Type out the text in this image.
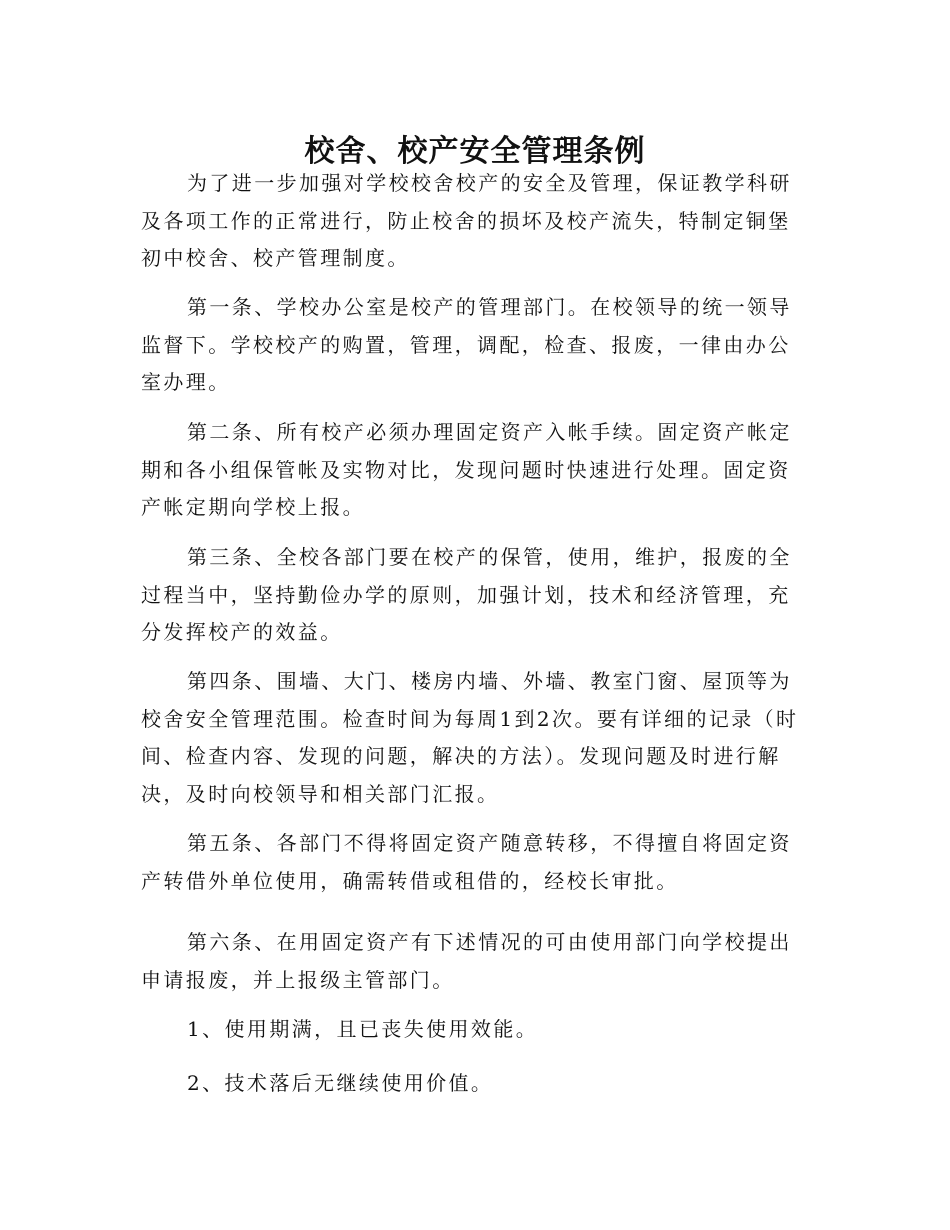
校舍、校产安全管理条例

为了进一步加强对学校校舍校产的安全及管理，保证教学科研及各项工作的正常进行，防止校舍的损坏及校产流失，特制定铜堡初中校舍、校产管理制度。

第一条、学校办公室是校产的管理部门。在校领导的统一领导监督下。学校校产的购置，管理，调配，检查、报废，一律由办公室办理。

第二条、所有校产必须办理固定资产入帐手续。固定资产帐定期和各小组保管帐及实物对比，发现问题时快速进行处理。固定资产帐定期向学校上报。

第三条、全校各部门要在校产的保管，使用，维护，报废的全过程当中，坚持勤俭办学的原则，加强计划，技术和经济管理，充分发挥校产的效益。

第四条、围墙、大门、楼房内墙、外墙、教室门窗、屋顶等为校舍安全管理范围。检查时间为每周1到2次。要有详细的记录（时间、检查内容、发现的问题，解决的方法）。发现问题及时进行解决，及时向校领导和相关部门汇报。

第五条、各部门不得将固定资产随意转移，不得擅自将固定资产转借外单位使用，确需转借或租借的，经校长审批。

第六条、在用固定资产有下述情况的可由使用部门向学校提出申请报废，并上报级主管部门。

1、使用期满，且已丧失使用效能。

2、技术落后无继续使用价值。
